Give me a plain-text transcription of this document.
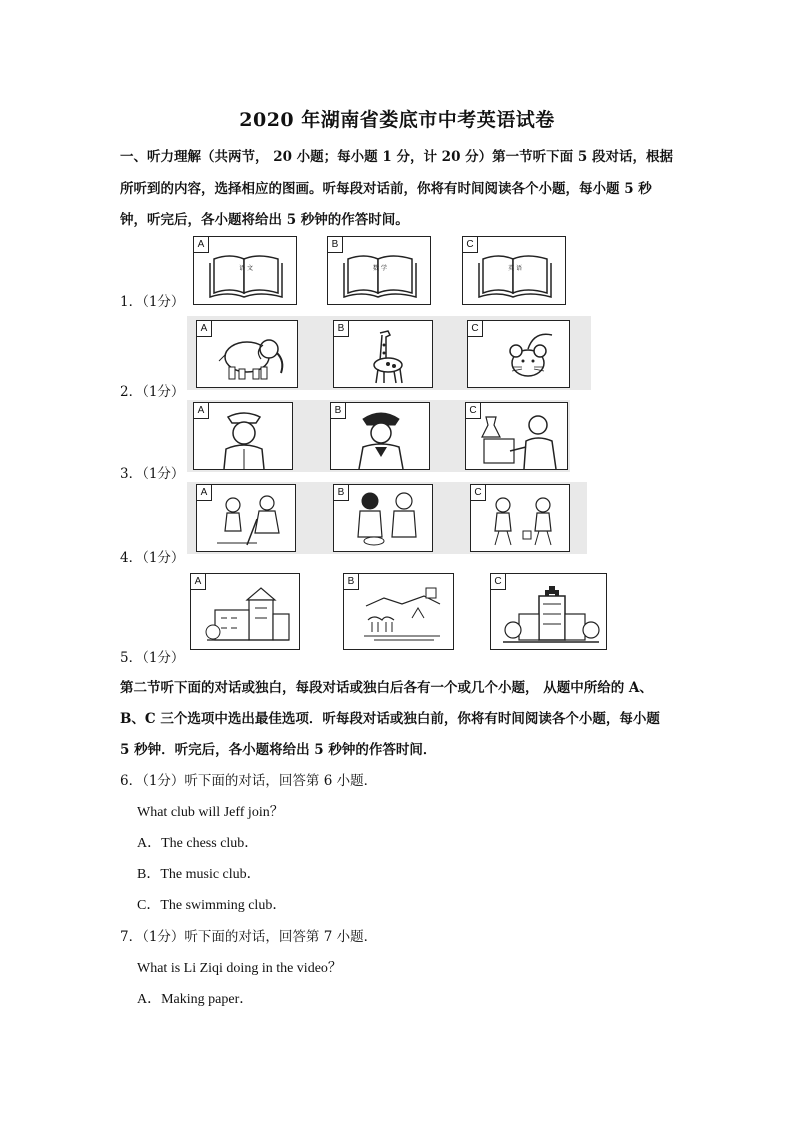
2020 年湖南省娄底市中考英语试卷
一、听力理解（共两节， 20 小题；每小题 1 分，计 20 分）第一节听下面 5 段对话，根据
所听到的内容，选择相应的图画。听每段对话前，你将有时间阅读各个小题，每小题 5 秒
钟，听完后，各小题将给出 5 秒钟的作答时间。
1．（1分）
A
语 文
B
数 学
C
英 语
2．（1分）
A	B	C
3．（1分）
A	B	C
4．（1分）
A	B	C
5．（1分）
A	B	C
第二节听下面的对话或独白，每段对话或独白后各有一个或几个小题， 从题中所给的 A、
B、C 三个选项中选出最佳选项．听每段对话或独白前，你将有时间阅读各个小题，每小题
5 秒钟．听完后，各小题将给出 5 秒钟的作答时间．
6．（1分）听下面的对话，回答第 6 小题．
What club will Jeff join？
A．The chess club．
B．The music club．
C．The swimming club．
7．（1分）听下面的对话，回答第 7 小题．
What is Li Ziqi doing in the video？
A．Making paper．
